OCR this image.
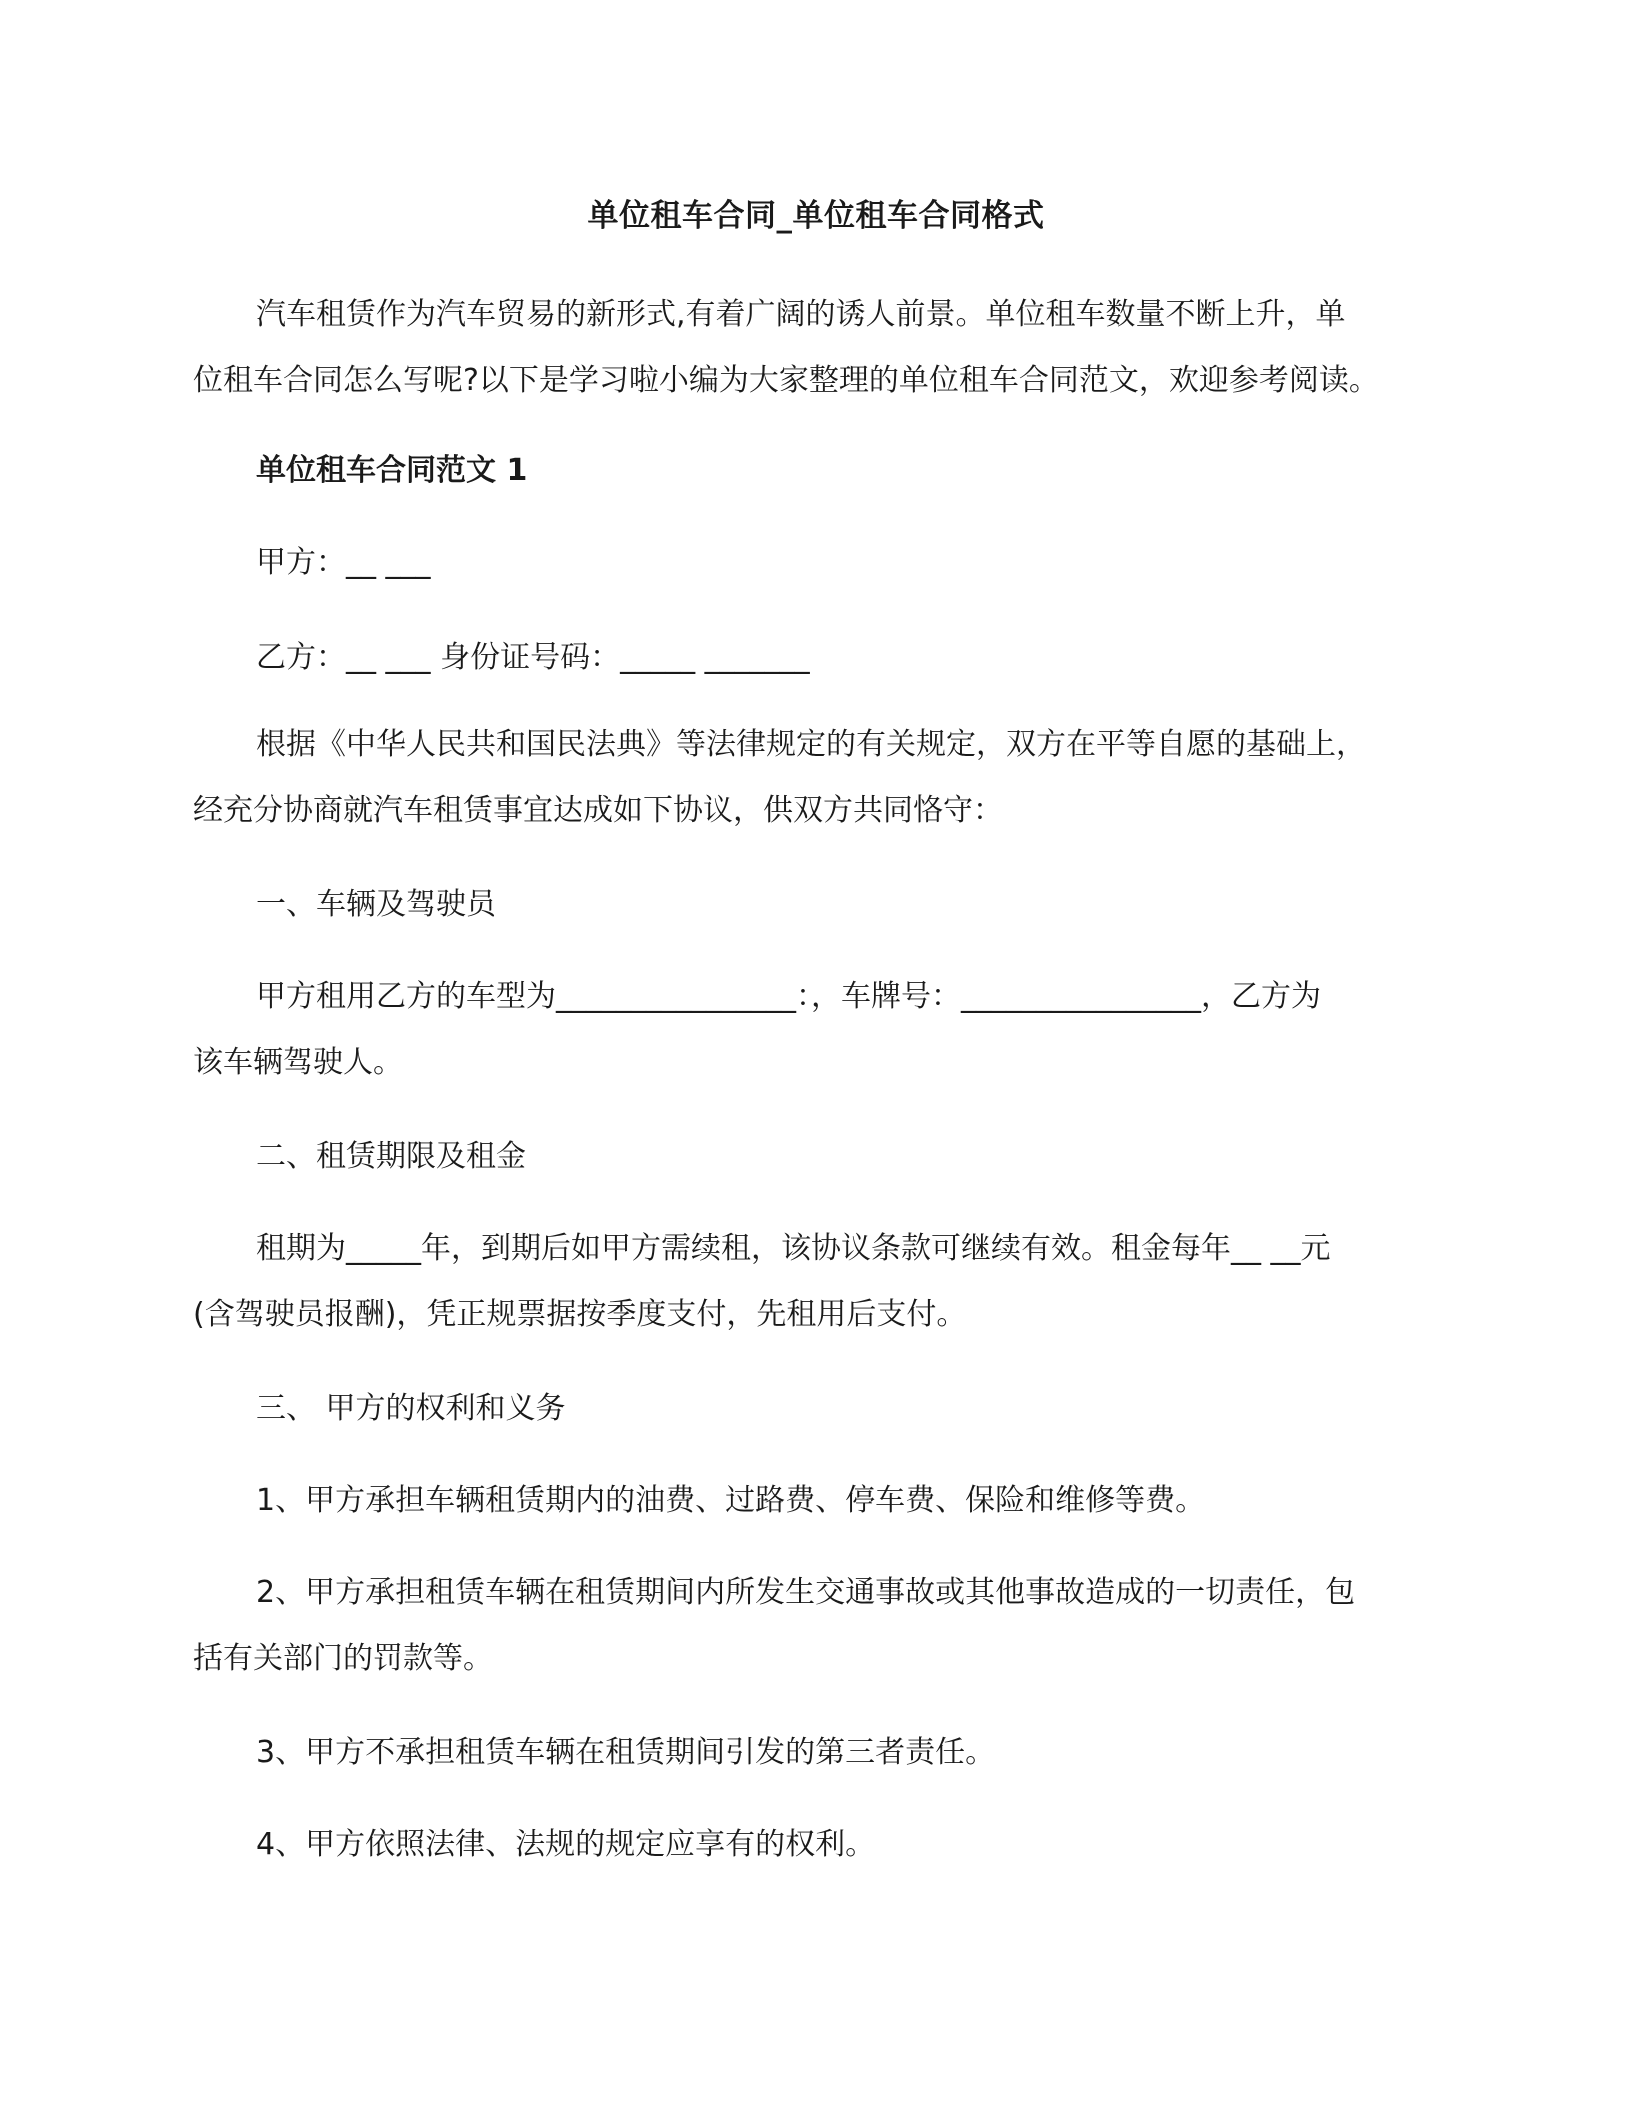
单位租车合同_单位租车合同格式

汽车租赁作为汽车贸易的新形式,有着广阔的诱人前景。单位租车数量不断上升，单
位租车合同怎么写呢?以下是学习啦小编为大家整理的单位租车合同范文，欢迎参考阅读。

单位租车合同范文 1

甲方：__ ___

乙方：__ ___ 身份证号码：_____ _______

根据《中华人民共和国民法典》等法律规定的有关规定，双方在平等自愿的基础上，
经充分协商就汽车租赁事宜达成如下协议，供双方共同恪守：

一、车辆及驾驶员

甲方租用乙方的车型为________________：，车牌号：________________，乙方为
该车辆驾驶人。

二、租赁期限及租金

租期为_____年，到期后如甲方需续租，该协议条款可继续有效。租金每年__ __元
(含驾驶员报酬)，凭正规票据按季度支付，先租用后支付。

三、 甲方的权利和义务

1、甲方承担车辆租赁期内的油费、过路费、停车费、保险和维修等费。

2、甲方承担租赁车辆在租赁期间内所发生交通事故或其他事故造成的一切责任，包
括有关部门的罚款等。

3、甲方不承担租赁车辆在租赁期间引发的第三者责任。

4、甲方依照法律、法规的规定应享有的权利。
